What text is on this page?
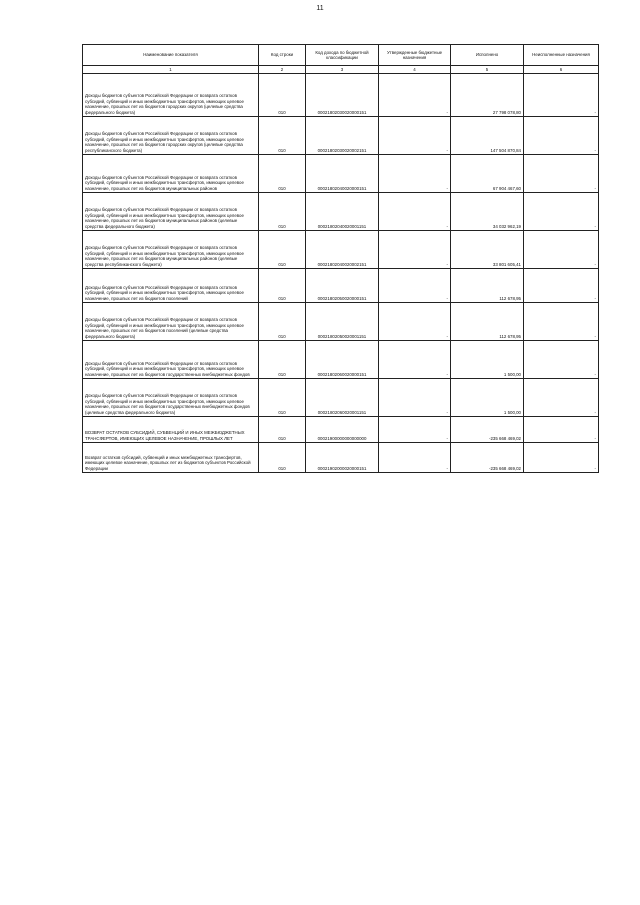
11
Наименование показателя	Код строки	Код дохода по бюджетной классификации	Утвержденные бюджетные назначения	Исполнено	Неисполненные назначения
1	2	3	4	5	6
Доходы бюджетов субъектов Российской Федерации от возврата остатков субсидий, субвенций и иных межбюджетных трансфертов, имеющих целевое назначение, прошлых лет из бюджетов городских округов (целевые средства федерального бюджета)	010	00021802030020000151	-	27 798 078,80	-
Доходы бюджетов субъектов Российской Федерации от возврата остатков субсидий, субвенций и иных межбюджетных трансфертов, имеющих целевое назначение, прошлых лет из бюджетов городских округов (целевые средства республиканского бюджета)	010	00021802030020002151	-	147 504 870,84	-
Доходы бюджетов субъектов Российской Федерации от возврата остатков субсидий, субвенций и иных межбюджетных трансфертов, имеющих целевое назначение, прошлых лет из бюджетов муниципальных районов	010	00021802040020000151	-	67 904 467,60	-
Доходы бюджетов субъектов Российской Федерации от возврата остатков субсидий, субвенций и иных межбюджетных трансфертов, имеющих целевое назначение, прошлых лет из бюджетов муниципальных районов (целевые средства федерального бюджета)	010	00021802040020001151	-	34 032 962,19	-
Доходы бюджетов субъектов Российской Федерации от возврата остатков субсидий, субвенций и иных межбюджетных трансфертов, имеющих целевое назначение, прошлых лет из бюджетов муниципальных районов (целевые средства республиканского бюджета)	010	00021802040020002151	-	33 801 605,41	-
Доходы бюджетов субъектов Российской Федерации от возврата остатков субсидий, субвенций и иных межбюджетных трансфертов, имеющих целевое назначение, прошлых лет из бюджетов поселений	010	00021802050020000151	-	112 678,95	-
Доходы бюджетов субъектов Российской Федерации от возврата остатков субсидий, субвенций и иных межбюджетных трансфертов, имеющих целевое назначение, прошлых лет из бюджетов поселений (целевые средства федерального бюджета)	010	00021802050020001151	-	112 678,95	-
Доходы бюджетов субъектов Российской Федерации от возврата остатков субсидий, субвенций и иных межбюджетных трансфертов, имеющих целевое назначение, прошлых лет из бюджетов государственных внебюджетных фондов	010	00021802060020000151	-	1 500,00	-
Доходы бюджетов субъектов Российской Федерации от возврата остатков субсидий, субвенций и иных межбюджетных трансфертов, имеющих целевое назначение, прошлых лет из бюджетов государственных внебюджетных фондов (целевые средства федерального бюджета)	010	00021802060020001151	-	1 500,00	-
ВОЗВРАТ ОСТАТКОВ СУБСИДИЙ, СУБВЕНЦИЙ И ИНЫХ МЕЖБЮДЖЕТНЫХ ТРАНСФЕРТОВ, ИМЕЮЩИХ ЦЕЛЕВОЕ НАЗНАЧЕНИЕ, ПРОШЛЫХ ЛЕТ	010	00021900000000000000	-	-235 668 469,02	-
Возврат остатков субсидий, субвенций и иных межбюджетных трансфертов, имеющих целевое назначение, прошлых лет из бюджетов субъектов Российской Федерации	010	00021902000020000151	-	-235 668 469,02	-
